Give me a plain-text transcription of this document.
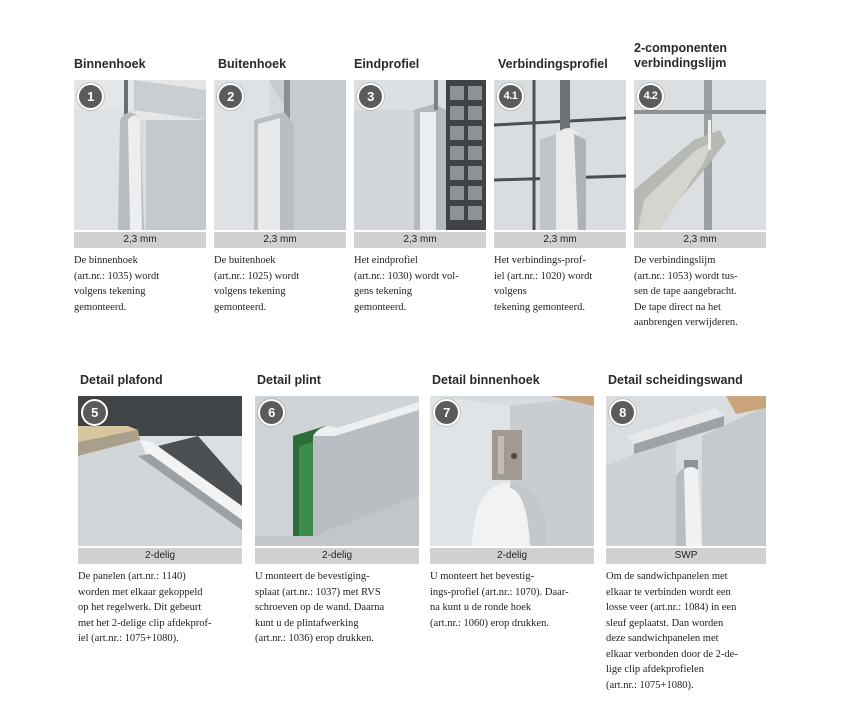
Binnenhoek
1
2,3 mm
De binnenhoek
(art.nr.: 1035) wordt
volgens tekening
gemonteerd.
Buitenhoek
2
2,3 mm
De buitenhoek
(art.nr.: 1025) wordt
volgens tekening
gemonteerd.
Eindprofiel
3
2,3 mm
Het eindprofiel
(art.nr.: 1030) wordt vol-
gens tekening
gemonteerd.
Verbindingsprofiel
4.1
2,3 mm
Het verbindings-prof-
iel (art.nr.: 1020) wordt
volgens
tekening gemonteerd.
2-componenten
verbindingslijm
4.2
2,3 mm
De verbindingslijm
(art.nr.: 1053) wordt tus-
sen de tape aangebracht.
De tape direct na het
aanbrengen verwijderen.
Detail plafond
5
2-delig
De panelen (art.nr.: 1140)
worden met elkaar gekoppeld
op het regelwerk. Dit gebeurt
met het 2-delige clip afdekprof-
iel (art.nr.: 1075+1080).
Detail plint
6
2-delig
U monteert de bevestiging-
splaat (art.nr.: 1037) met RVS
schroeven op de wand. Daarna
kunt u de plintafwerking
(art.nr.: 1036) erop drukken.
Detail binnenhoek
7
2-delig
U monteert het bevestig-
ings-profiel (art.nr.: 1070). Daar-
na kunt u de ronde hoek
(art.nr.: 1060) erop drukken.
Detail scheidingswand
8
SWP
Om de sandwichpanelen met
elkaar te verbinden wordt een
losse veer (art.nr.: 1084) in een
sleuf geplaatst. Dan worden
deze sandwichpanelen met
elkaar verbonden door de 2-de-
lige clip afdekprofielen
(art.nr.: 1075+1080).
